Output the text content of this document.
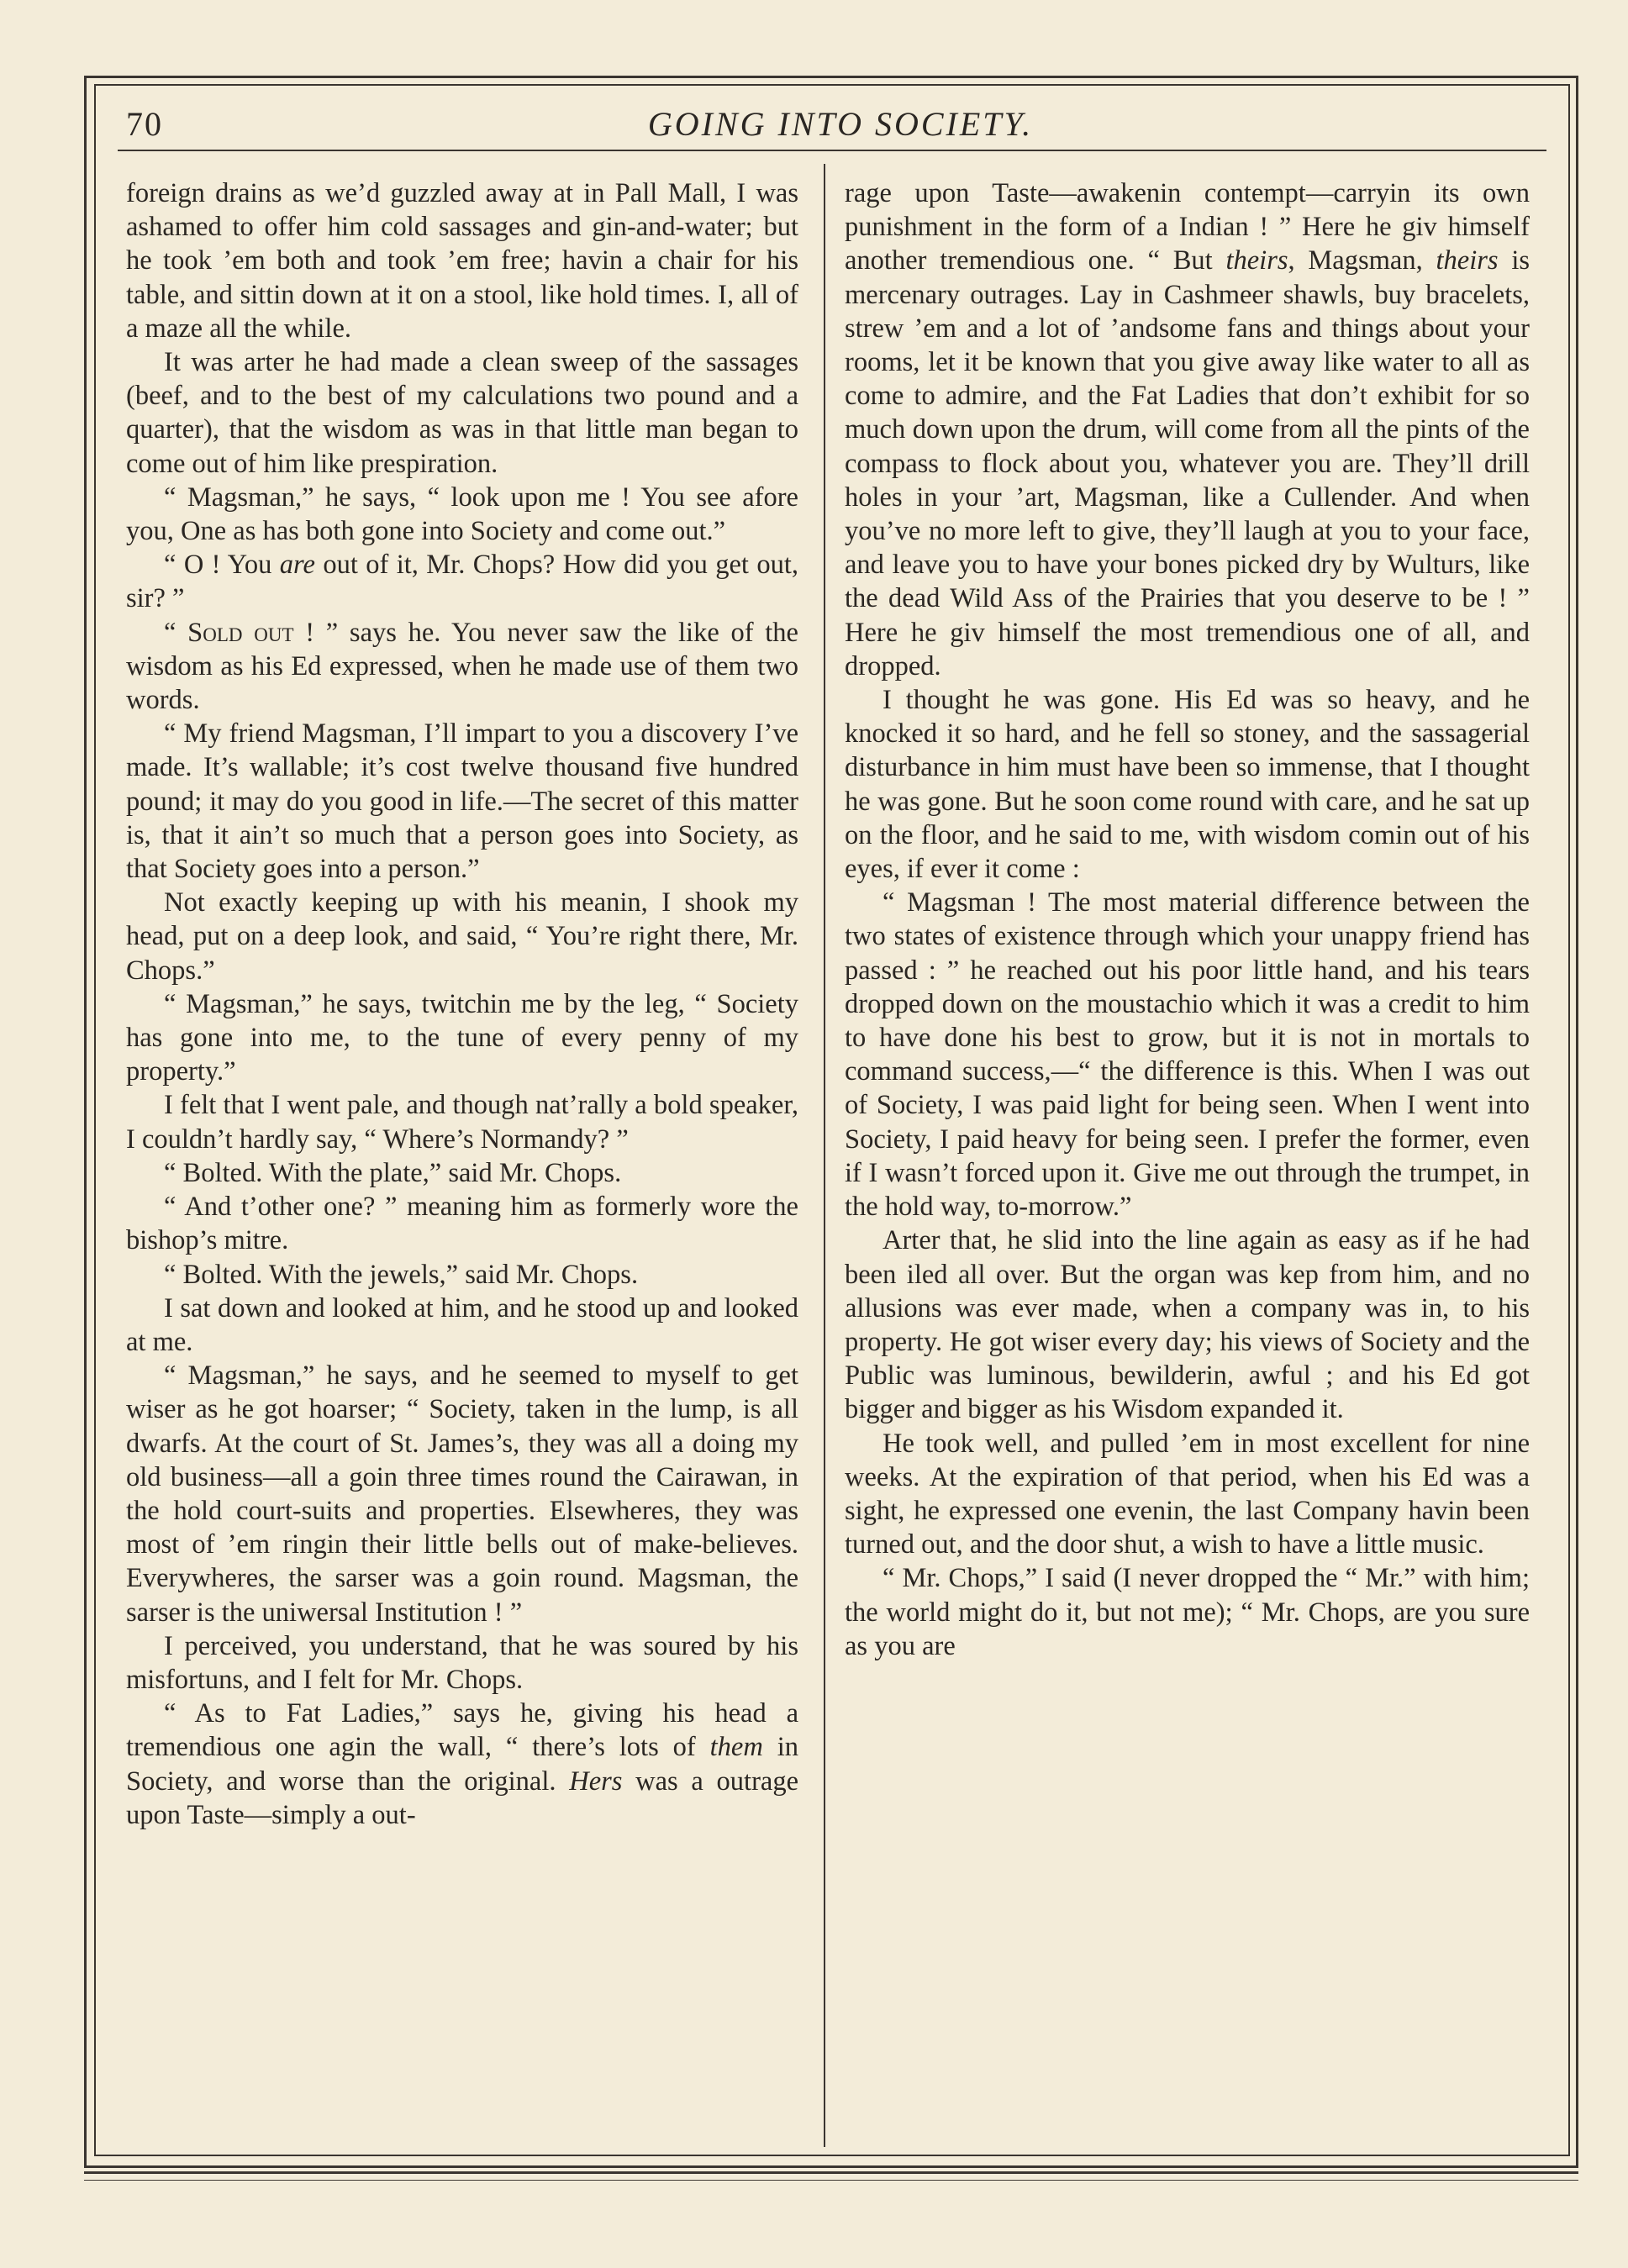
70	GOING INTO SOCIETY.

foreign drains as we’d guzzled away at in Pall Mall, I was ashamed to offer him cold sassages and gin-and-water; but he took ’em both and took ’em free; havin a chair for his table, and sittin down at it on a stool, like hold times. I, all of a maze all the while.

It was arter he had made a clean sweep of the sassages (beef, and to the best of my calculations two pound and a quarter), that the wisdom as was in that little man began to come out of him like prespiration.

“ Magsman,” he says, “ look upon me ! You see afore you, One as has both gone into Society and come out.”

“ O ! You are out of it, Mr. Chops? How did you get out, sir? ”

“ Sold out ! ” says he. You never saw the like of the wisdom as his Ed expressed, when he made use of them two words.

“ My friend Magsman, I’ll impart to you a discovery I’ve made. It’s wallable; it’s cost twelve thousand five hundred pound; it may do you good in life.—The secret of this matter is, that it ain’t so much that a person goes into Society, as that Society goes into a person.”

Not exactly keeping up with his meanin, I shook my head, put on a deep look, and said, “ You’re right there, Mr. Chops.”

“ Magsman,” he says, twitchin me by the leg, “ Society has gone into me, to the tune of every penny of my property.”

I felt that I went pale, and though nat’rally a bold speaker, I couldn’t hardly say, “ Where’s Normandy? ”

“ Bolted. With the plate,” said Mr. Chops.

“ And t’other one? ” meaning him as formerly wore the bishop’s mitre.

“ Bolted. With the jewels,” said Mr. Chops.

I sat down and looked at him, and he stood up and looked at me.

“ Magsman,” he says, and he seemed to myself to get wiser as he got hoarser; “ Society, taken in the lump, is all dwarfs. At the court of St. James’s, they was all a doing my old business—all a goin three times round the Cairawan, in the hold court-suits and properties. Elsewheres, they was most of ’em ringin their little bells out of make-believes. Everywheres, the sarser was a goin round. Magsman, the sarser is the uniwersal Institution ! ”

I perceived, you understand, that he was soured by his misfortuns, and I felt for Mr. Chops.

“ As to Fat Ladies,” says he, giving his head a tremendious one agin the wall, “ there’s lots of them in Society, and worse than the original. Hers was a outrage upon Taste—simply a out-

rage upon Taste—awakenin contempt—carryin its own punishment in the form of a Indian ! ” Here he giv himself another tremendious one. “ But theirs, Magsman, theirs is mercenary outrages. Lay in Cashmeer shawls, buy bracelets, strew ’em and a lot of ’andsome fans and things about your rooms, let it be known that you give away like water to all as come to admire, and the Fat Ladies that don’t exhibit for so much down upon the drum, will come from all the pints of the compass to flock about you, whatever you are. They’ll drill holes in your ’art, Magsman, like a Cullender. And when you’ve no more left to give, they’ll laugh at you to your face, and leave you to have your bones picked dry by Wulturs, like the dead Wild Ass of the Prairies that you deserve to be ! ” Here he giv himself the most tremendious one of all, and dropped.

I thought he was gone. His Ed was so heavy, and he knocked it so hard, and he fell so stoney, and the sassagerial disturbance in him must have been so immense, that I thought he was gone. But he soon come round with care, and he sat up on the floor, and he said to me, with wisdom comin out of his eyes, if ever it come :

“ Magsman ! The most material difference between the two states of existence through which your unappy friend has passed : ” he reached out his poor little hand, and his tears dropped down on the moustachio which it was a credit to him to have done his best to grow, but it is not in mortals to command success,—“ the difference is this. When I was out of Society, I was paid light for being seen. When I went into Society, I paid heavy for being seen. I prefer the former, even if I wasn’t forced upon it. Give me out through the trumpet, in the hold way, to-morrow.”

Arter that, he slid into the line again as easy as if he had been iled all over. But the organ was kep from him, and no allusions was ever made, when a company was in, to his property. He got wiser every day; his views of Society and the Public was luminous, bewilderin, awful ; and his Ed got bigger and bigger as his Wisdom expanded it.

He took well, and pulled ’em in most excellent for nine weeks. At the expiration of that period, when his Ed was a sight, he expressed one evenin, the last Company havin been turned out, and the door shut, a wish to have a little music.

“ Mr. Chops,” I said (I never dropped the “ Mr.” with him; the world might do it, but not me); “ Mr. Chops, are you sure as you are
